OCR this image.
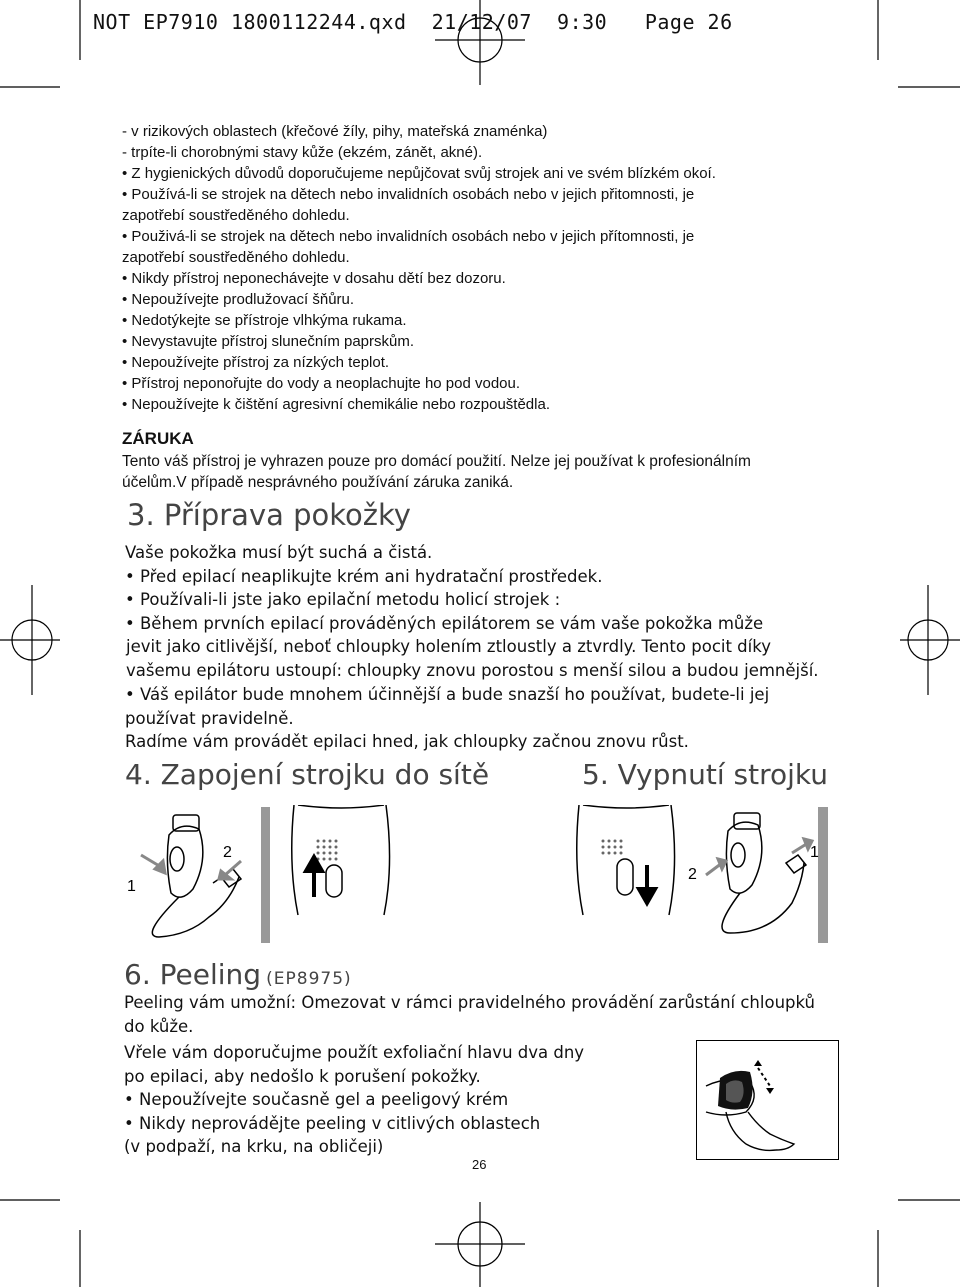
NOT EP7910 1800112244.qxd 21/12/07 9:30 Page 26

- v rizikových oblastech (křečové žíly, pihy, mateřská znaménka)

- trpíte-li chorobnými stavy kůže (ekzém, zánět, akné).

• Z hygienických důvodů doporučujeme nepůjčovat svůj strojek ani ve svém blízkém okoí.

• Používá-li se strojek na dětech nebo invalidních osobách nebo v jejich přitomnosti, je

zapotřebí soustředěného dohledu.

• Použivá-li se strojek na dětech nebo invalidních osobách nebo v jejich přítomnosti, je

zapotřebí soustředěného dohledu.

• Nikdy přístroj neponechávejte v dosahu dětí bez dozoru.

• Nepoužívejte prodlužovací šňůru.

• Nedotýkejte se přístroje vlhkýma rukama.

• Nevystavujte přístroj slunečním paprskům.

• Nepoužívejte přístroj za nízkých teplot.

• Přístroj neponořujte do vody a neoplachujte ho pod vodou.

• Nepoužívejte k čištění agresivní chemikálie nebo rozpouštědla.

ZÁRUKA

Tento váš přístroj je vyhrazen pouze pro domácí použití. Nelze jej používat k profesionálním

účelům.V případě nesprávného používání záruka zaniká.

3. Příprava pokožky

Vaše pokožka musí být suchá a čistá.

• Před epilací neaplikujte krém ani hydratační prostředek.

• Používali-li jste jako epilační metodu holicí strojek :

• Během prvních epilací prováděných epilátorem se vám vaše pokožka může

jevit jako citlivější, neboť chloupky holením ztloustly a ztvrdly. Tento pocit díky

vašemu epilátoru ustoupí: chloupky znovu porostou s menší silou a budou jemnější.

• Váš epilátor bude mnohem účinnější a bude snazší ho používat, budete-li jej

používat pravidelně.

Radíme vám provádět epilaci hned, jak chloupky začnou znovu růst.

4. Zapojení strojku do sítě	5. Vypnutí strojku
1
2	1
2
6. Peeling (EP8975)

Peeling vám umožní: Omezovat v rámci pravidelného provádění zarůstání chloupků

do kůže.

Vřele vám doporučujme použít exfoliační hlavu dva dny

po epilaci, aby nedošlo k porušení pokožky.

• Nepoužívejte současně gel a peeligový krém

• Nikdy neprovádějte peeling v citlivých oblastech

(v podpaží, na krku, na obličeji)

26
